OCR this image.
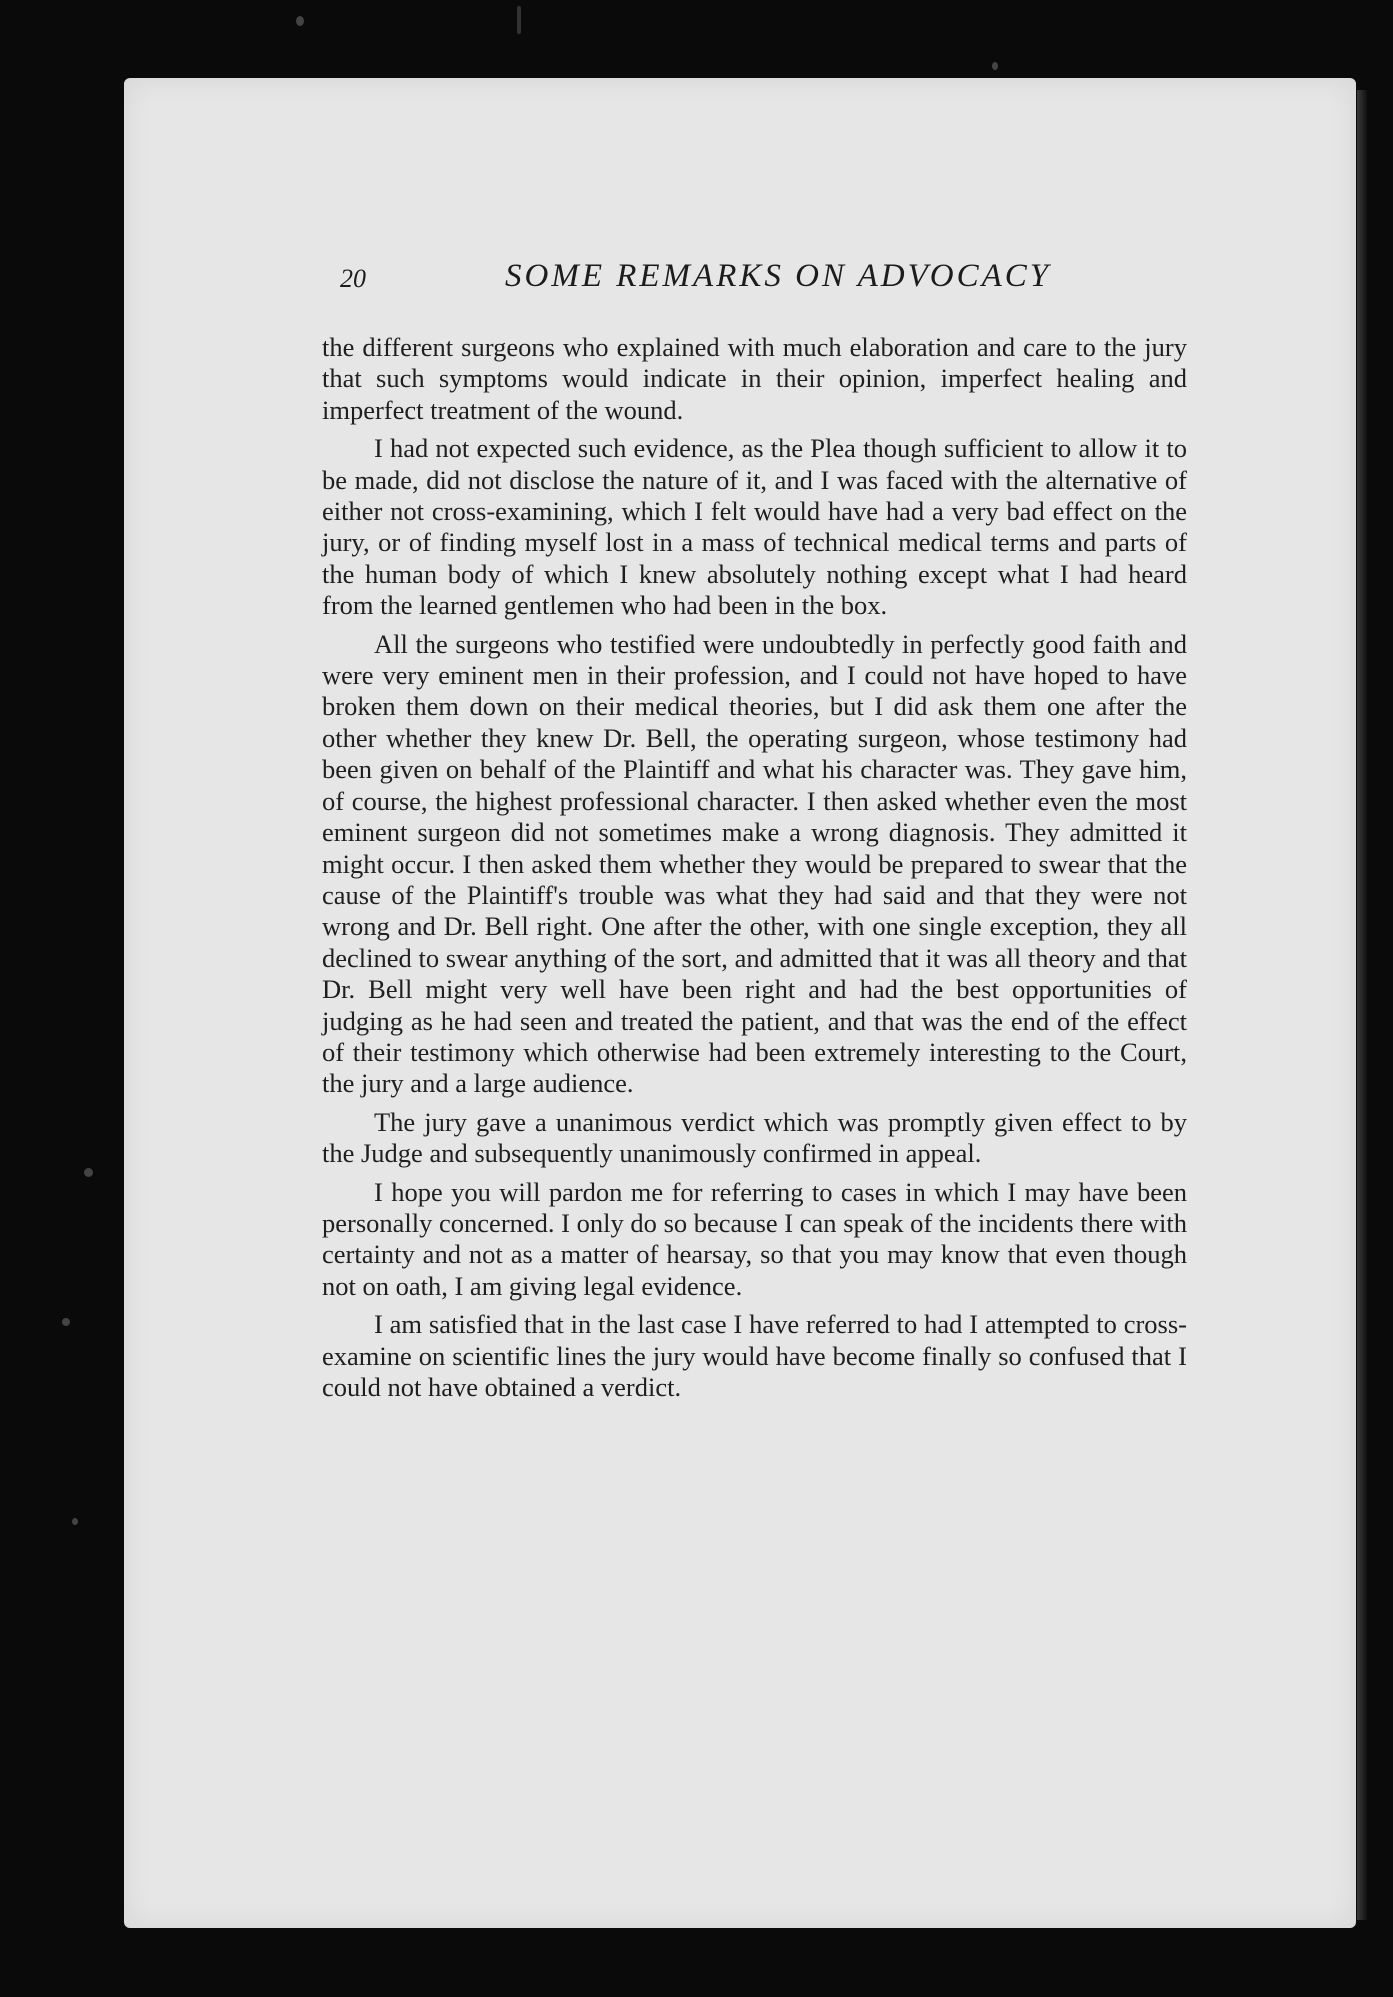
20	SOME REMARKS ON ADVOCACY

the different surgeons who explained with much elaboration and care to the jury that such symptoms would indicate in their opinion, imperfect healing and imperfect treatment of the wound.

I had not expected such evidence, as the Plea though sufficient to allow it to be made, did not disclose the nature of it, and I was faced with the alternative of either not cross-examining, which I felt would have had a very bad effect on the jury, or of finding myself lost in a mass of technical medical terms and parts of the human body of which I knew absolutely nothing except what I had heard from the learned gentlemen who had been in the box.

All the surgeons who testified were undoubtedly in perfectly good faith and were very eminent men in their profession, and I could not have hoped to have broken them down on their medical theories, but I did ask them one after the other whether they knew Dr. Bell, the operating surgeon, whose testimony had been given on behalf of the Plaintiff and what his character was. They gave him, of course, the highest professional character. I then asked whether even the most eminent surgeon did not sometimes make a wrong diagnosis. They admitted it might occur. I then asked them whether they would be prepared to swear that the cause of the Plaintiff's trouble was what they had said and that they were not wrong and Dr. Bell right. One after the other, with one single exception, they all declined to swear anything of the sort, and admitted that it was all theory and that Dr. Bell might very well have been right and had the best opportunities of judging as he had seen and treated the patient, and that was the end of the effect of their testimony which otherwise had been extremely interesting to the Court, the jury and a large audience.

The jury gave a unanimous verdict which was promptly given effect to by the Judge and subsequently unanimously confirmed in appeal.

I hope you will pardon me for referring to cases in which I may have been personally concerned. I only do so because I can speak of the incidents there with certainty and not as a matter of hearsay, so that you may know that even though not on oath, I am giving legal evidence.

I am satisfied that in the last case I have referred to had I attempted to cross-examine on scientific lines the jury would have become finally so confused that I could not have obtained a verdict.
